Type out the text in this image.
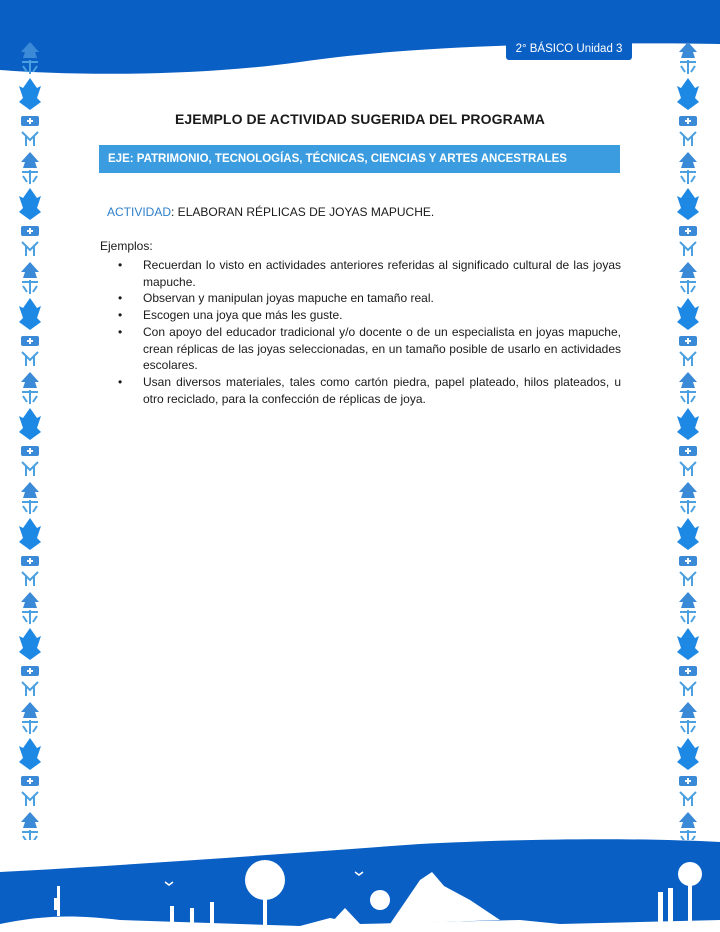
2° BÁSICO Unidad 3
EJEMPLO DE ACTIVIDAD SUGERIDA DEL PROGRAMA
EJE: PATRIMONIO, TECNOLOGÍAS, TÉCNICAS, CIENCIAS Y ARTES ANCESTRALES
ACTIVIDAD: ELABORAN RÉPLICAS DE JOYAS MAPUCHE.
Ejemplos:
• Recuerdan lo visto en actividades anteriores referidas al significado cultural de las joyas mapuche.
• Observan y manipulan joyas mapuche en tamaño real.
• Escogen una joya que más les guste.
• Con apoyo del educador tradicional y/o docente o de un especialista en joyas mapuche, crean réplicas de las joyas seleccionadas, en un tamaño posible de usarlo en actividades escolares.
• Usan diversos materiales, tales como cartón piedra, papel plateado, hilos plateados, u otro reciclado, para la confección de réplicas de joya.
